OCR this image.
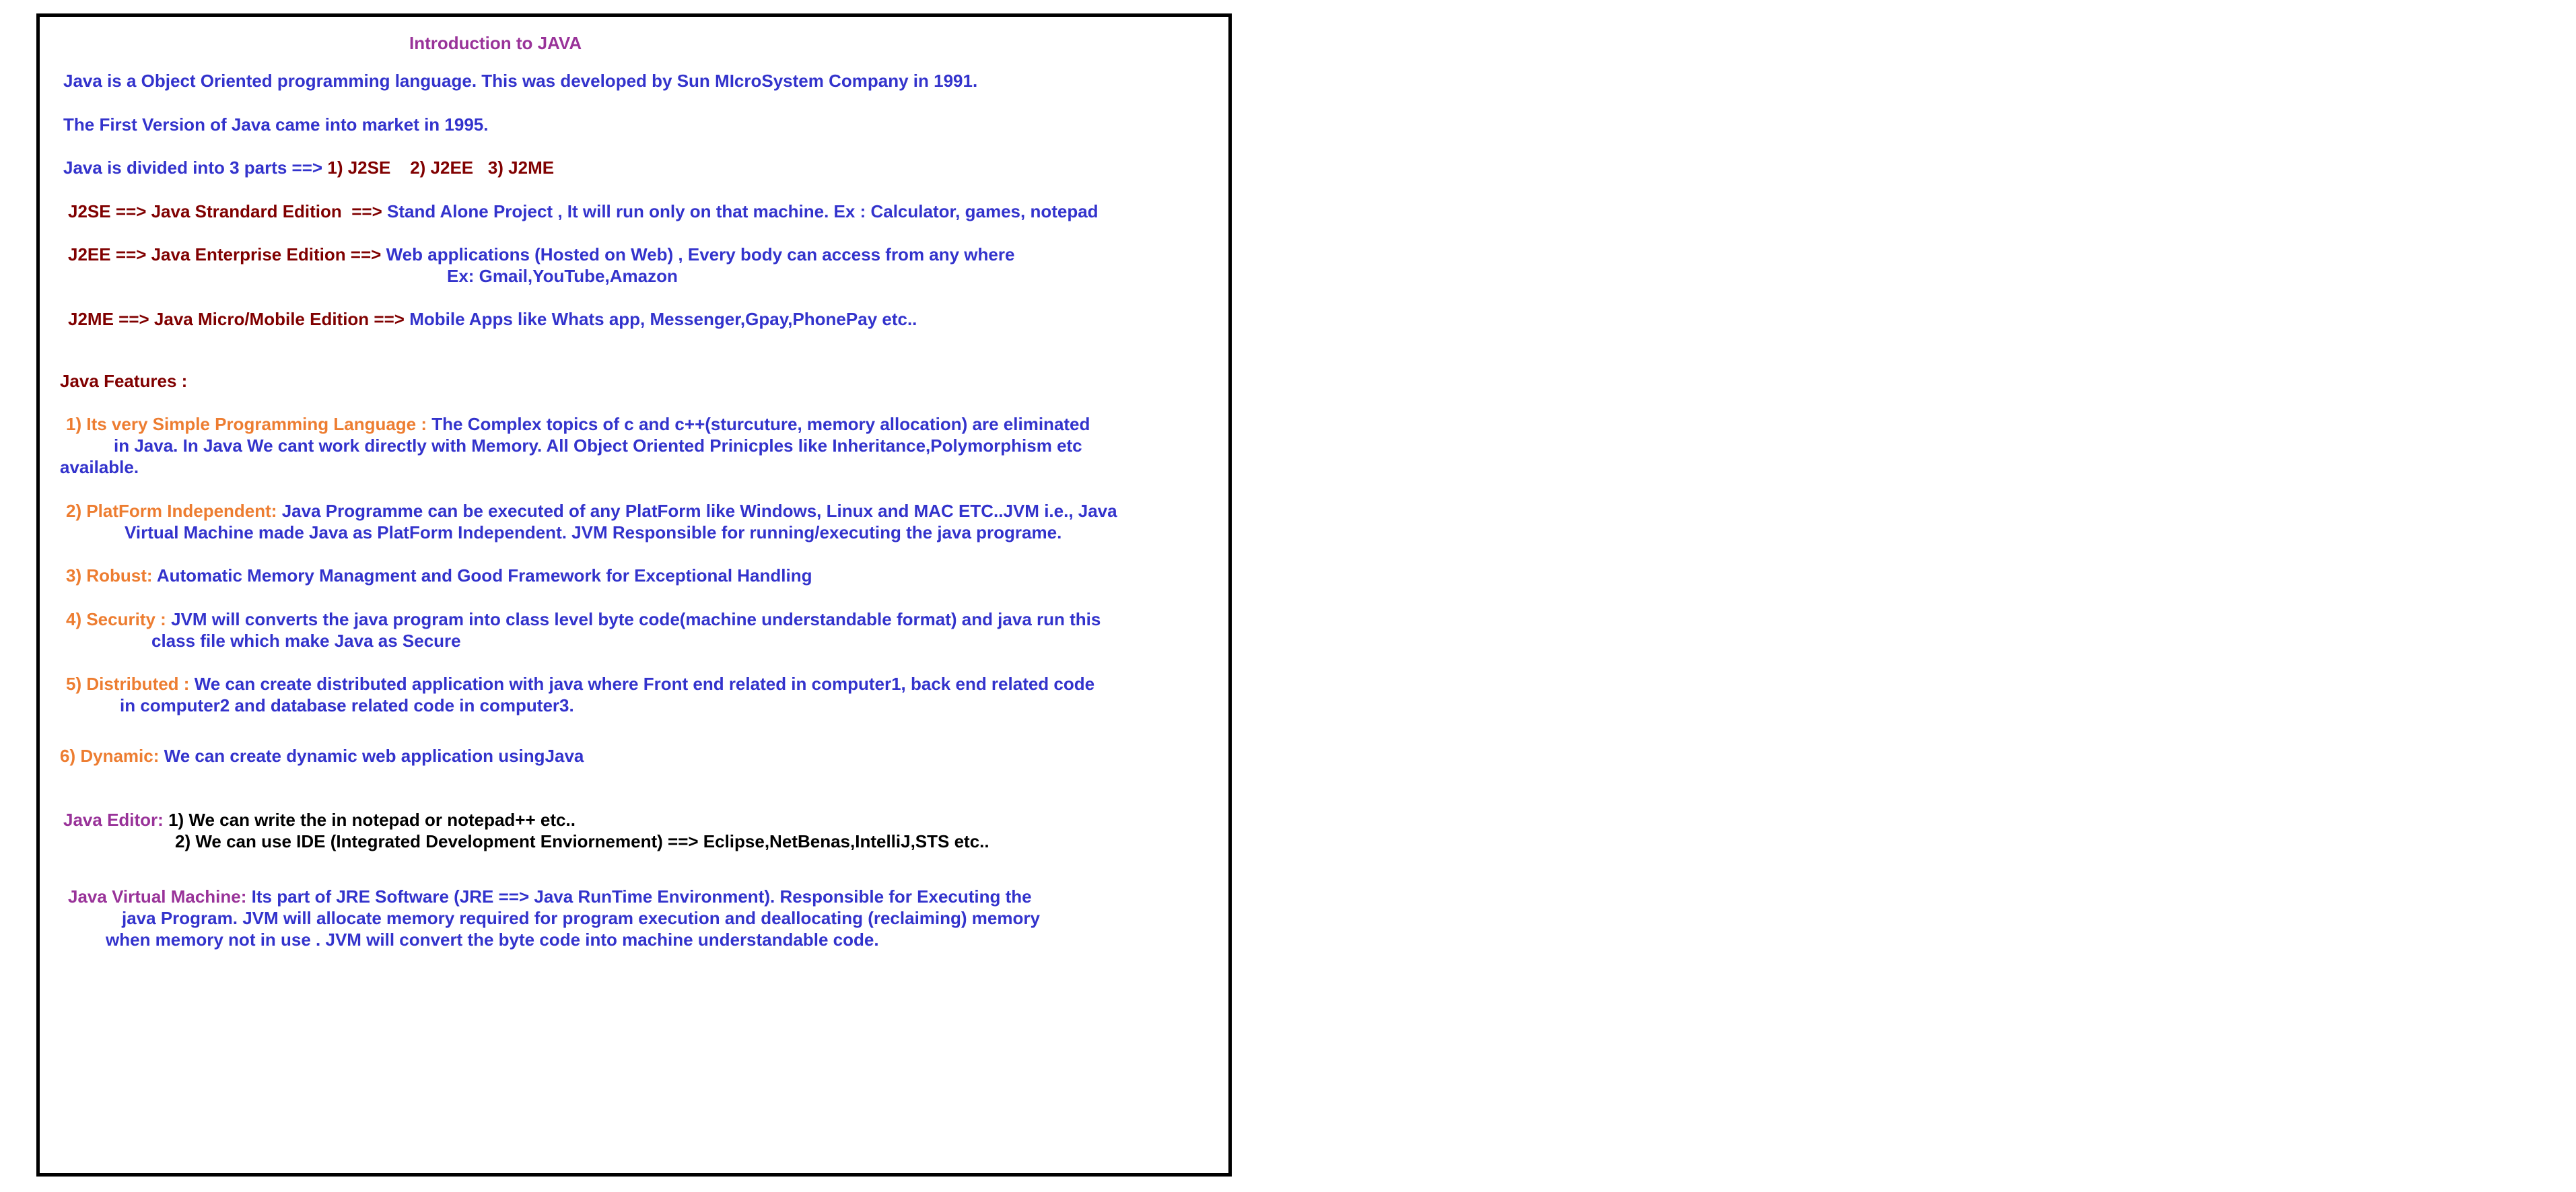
Introduction to JAVA
Java is a Object Oriented programming language. This was developed by Sun MIcroSystem Company in 1991.
The First Version of Java came into market in 1995.
Java is divided into 3 parts ==> 1) J2SE    2) J2EE   3) J2ME
J2SE ==> Java Strandard Edition  ==> Stand Alone Project , It will run only on that machine. Ex : Calculator, games, notepad
J2EE ==> Java Enterprise Edition ==> Web applications (Hosted on Web) , Every body can access from any where
Ex: Gmail,YouTube,Amazon
J2ME ==> Java Micro/Mobile Edition ==> Mobile Apps like Whats app, Messenger,Gpay,PhonePay etc..
Java Features :
1) Its very Simple Programming Language : The Complex topics of c and c++(sturcuture, memory allocation) are eliminated
in Java. In Java We cant work directly with Memory. All Object Oriented Prinicples like Inheritance,Polymorphism etc
available.
2) PlatForm Independent: Java Programme can be executed of any PlatForm like Windows, Linux and MAC ETC..JVM i.e., Java
Virtual Machine made Java as PlatForm Independent. JVM Responsible for running/executing the java programe.
3) Robust: Automatic Memory Managment and Good Framework for Exceptional Handling
4) Security : JVM will converts the java program into class level byte code(machine understandable format) and java run this
class file which make Java as Secure
5) Distributed : We can create distributed application with java where Front end related in computer1, back end related code
in computer2 and database related code in computer3.
6) Dynamic: We can create dynamic web application usingJava
Java Editor: 1) We can write the in notepad or notepad++ etc..
2) We can use IDE (Integrated Development Enviornement) ==> Eclipse,NetBenas,IntelliJ,STS etc..
Java Virtual Machine: Its part of JRE Software (JRE ==> Java RunTime Environment). Responsible for Executing the
java Program. JVM will allocate memory required for program execution and deallocating (reclaiming) memory
when memory not in use . JVM will convert the byte code into machine understandable code.
